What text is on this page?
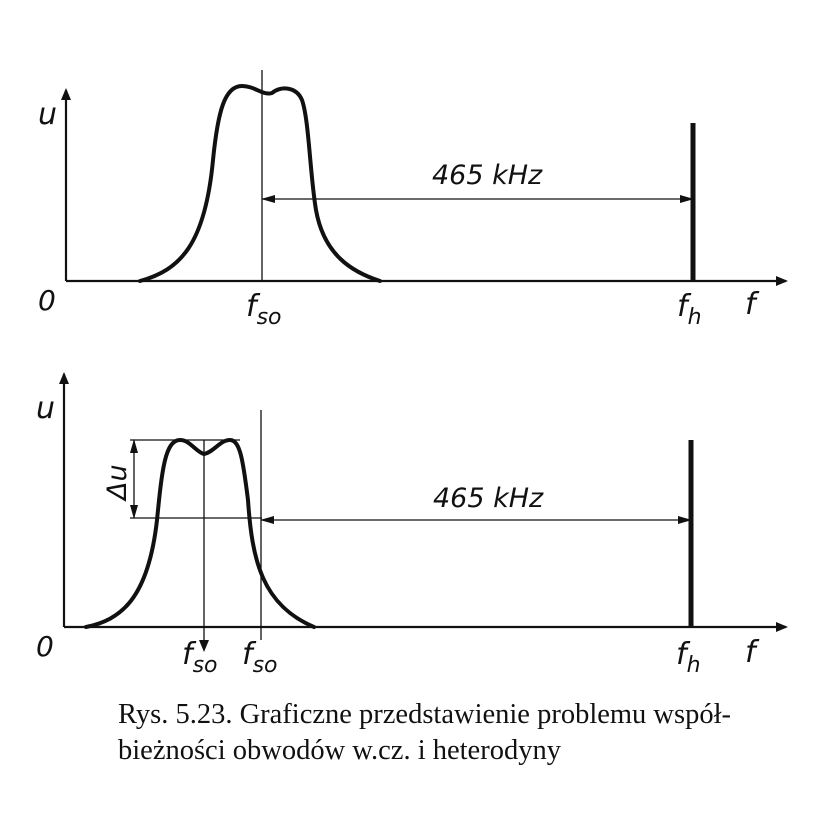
u
0	f
465 kHz
$f_{so}$	$f_h$
u
0	f
Δu	465 kHz
$f_{so}$ $f_{so}$	$f_h$

Rys. 5.23. Graficzne przedstawienie problemu współ-
bieżności obwodów w.cz. i heterodyny
